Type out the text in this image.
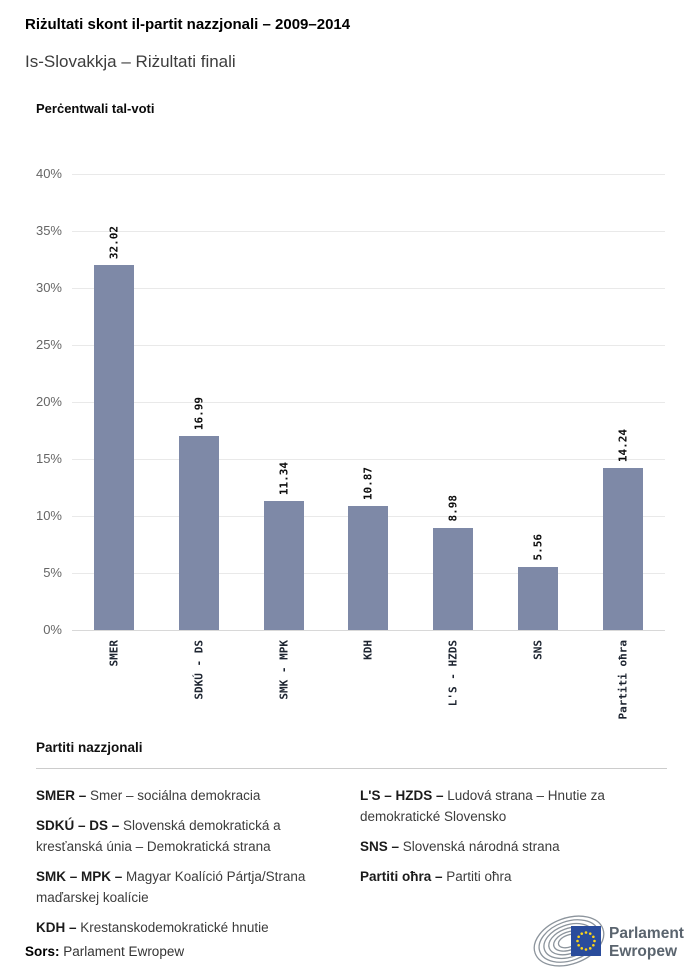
Riżultati skont il-partit nazzjonali – 2009–2014
Is-Slovakkja – Riżultati finali
Perċentwali tal-voti
32.02
SMER
16.99
SDKÚ - DS
11.34
SMK - MPK
10.87
KDH
8.98
L'S - HZDS
5.56
SNS
14.24
Partiti oħra
40%
35%
30%
25%
20%
15%
10%
5%
0%
Partiti nazzjonali
SMER – Smer – sociálna demokracia
SDKÚ – DS – Slovenská demokratická a kresťanská únia – Demokratická strana
SMK – MPK – Magyar Koalíció Pártja/Strana maďarskej koalície
KDH – Krestanskodemokratické hnutie
L'S – HZDS – Ludová strana – Hnutie za demokratické Slovensko
SNS – Slovenská národná strana
Partiti oħra – Partiti oħra
Sors: Parlament Ewropew
Parlament
Ewropew
